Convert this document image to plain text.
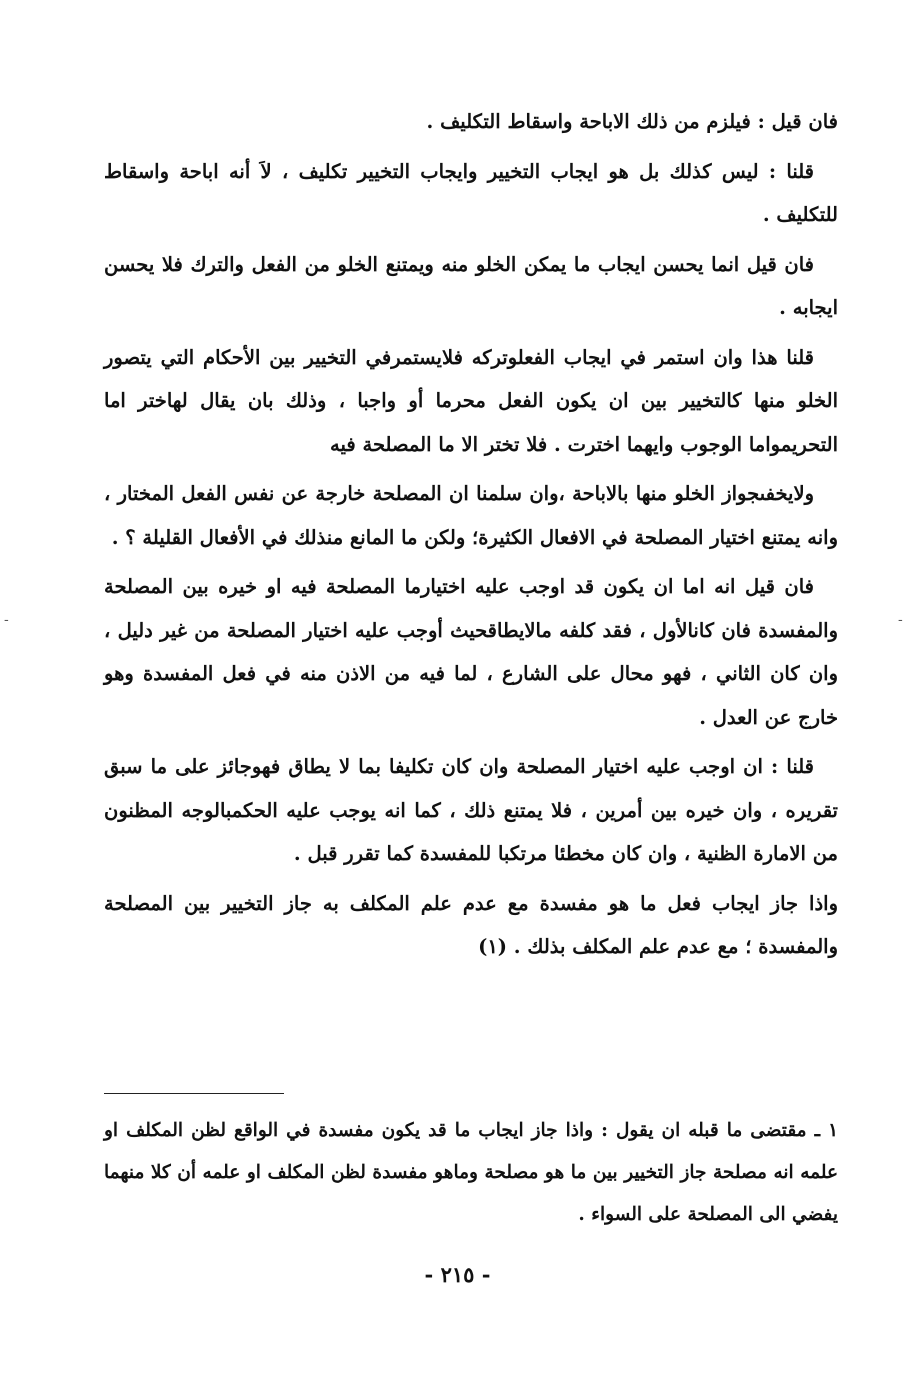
فان قيل : فيلزم من ذلك الاباحة واسقاط التكليف .

قلنا : ليس كذلك بل هو ايجاب التخيير وايجاب التخيير تكليف ، لاَ أنه اباحة واسقاط للتكليف .

فان قيل انما يحسن ايجاب ما يمكن الخلو منه ويمتنع الخلو من الفعل والترك فلا يحسن ايجابه .

قلنا هذا وان استمر في ايجاب الفعلوتركه فلايستمرفي التخيير بين الأحكام التي يتصور الخلو منها كالتخيير بين ان يكون الفعل محرما أو واجبا ، وذلك بان يقال لهاختر اما التحريمواما الوجوب وايهما اخترت . فلا تختر الا ما المصلحة فيه

ولايخفىجواز الخلو منها بالاباحة ،وان سلمنا ان المصلحة خارجة عن نفس الفعل المختار ، وانه يمتنع اختيار المصلحة في الافعال الكثيرة؛ ولكن ما المانع منذلك في الأفعال القليلة ؟ .

فان قيل انه اما ان يكون قد اوجب عليه اختيارما المصلحة فيه او خيره بين المصلحة والمفسدة فان كانالأول ، فقد كلفه مالايطاقحيث أوجب عليه اختيار المصلحة من غير دليل ، وان كان الثاني ، فهو محال على الشارع ، لما فيه من الاذن منه في فعل المفسدة وهو خارج عن العدل .

قلنا : ان اوجب عليه اختيار المصلحة وان كان تكليفا بما لا يطاق فهوجائز على ما سبق تقريره ، وان خيره بين أمرين ، فلا يمتنع ذلك ، كما انه يوجب عليه الحكمبالوجه المظنون من الامارة الظنية ، وان كان مخطئا مرتكبا للمفسدة كما تقرر قبل .

واذا جاز ايجاب فعل ما هو مفسدة مع عدم علم المكلف به جاز التخيير بين المصلحة والمفسدة ؛ مع عدم علم المكلف بذلك . (١)

١ ـ مقتضى ما قبله ان يقول : واذا جاز ايجاب ما قد يكون مفسدة في الواقع لظن المكلف او علمه انه مصلحة جاز التخيير بين ما هو مصلحة وماهو مفسدة لظن المكلف او علمه أن كلا منهما يفضي الى المصلحة على السواء .
- ٢١٥ -
-
-
